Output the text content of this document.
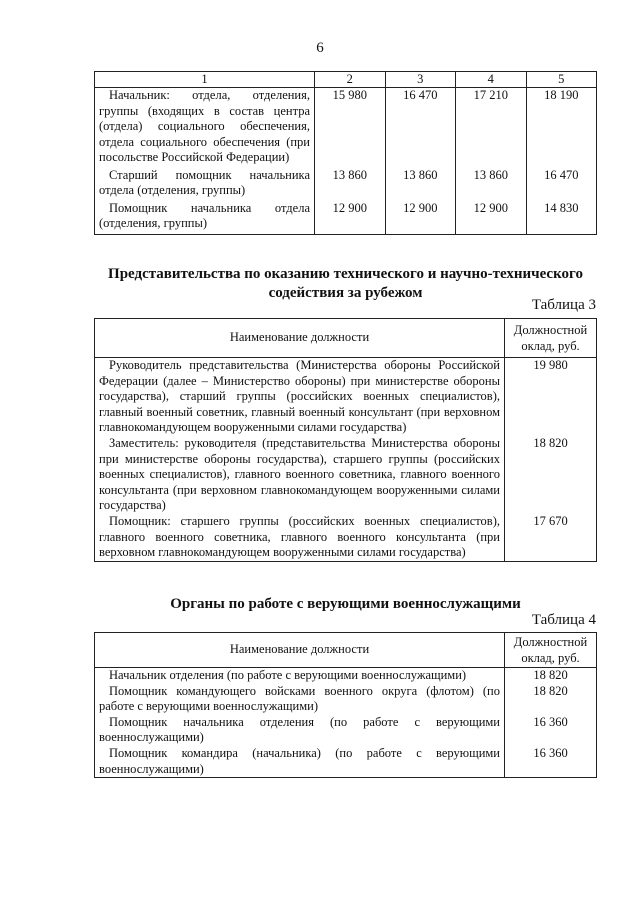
6
1	2	3	4	5
Начальник: отдела, отделения, группы (входящих в состав центра (отдела) социального обеспечения, отдела социального обеспечения (при посольстве Российской Федерации)	15 980	16 470	17 210	18 190
Старший помощник начальника отдела (отделения, группы)	13 860	13 860	13 860	16 470
Помощник начальника отдела (отделения, группы)	12 900	12 900	12 900	14 830
Представительства по оказанию технического и научно-технического
содействия за рубежом
Таблица 3
Наименование должности	Должностной оклад, руб.
Руководитель представительства (Министерства обороны Российской Федерации (далее – Министерство обороны) при министерстве обороны государства), старший группы (российских военных специалистов), главный военный советник, главный военный консультант (при верховном главнокомандующем вооруженными силами государства)	19 980
Заместитель: руководителя (представительства Министерства обороны при министерстве обороны государства), старшего группы (российских военных специалистов), главного военного советника, главного военного консультанта (при верховном главнокомандующем вооруженными силами государства)	18 820
Помощник: старшего группы (российских военных специалистов), главного военного советника, главного военного консультанта (при верховном главнокомандующем вооруженными силами государства)	17 670
Органы по работе с верующими военнослужащими
Таблица 4
Наименование должности	Должностной оклад, руб.
Начальник отделения (по работе с верующими военнослужащими)	18 820
Помощник командующего войсками военного округа (флотом) (по работе с верующими военнослужащими)	18 820
Помощник начальника отделения (по работе с верующими военнослужащими)	16 360
Помощник командира (начальника) (по работе с верующими военнослужащими)	16 360
